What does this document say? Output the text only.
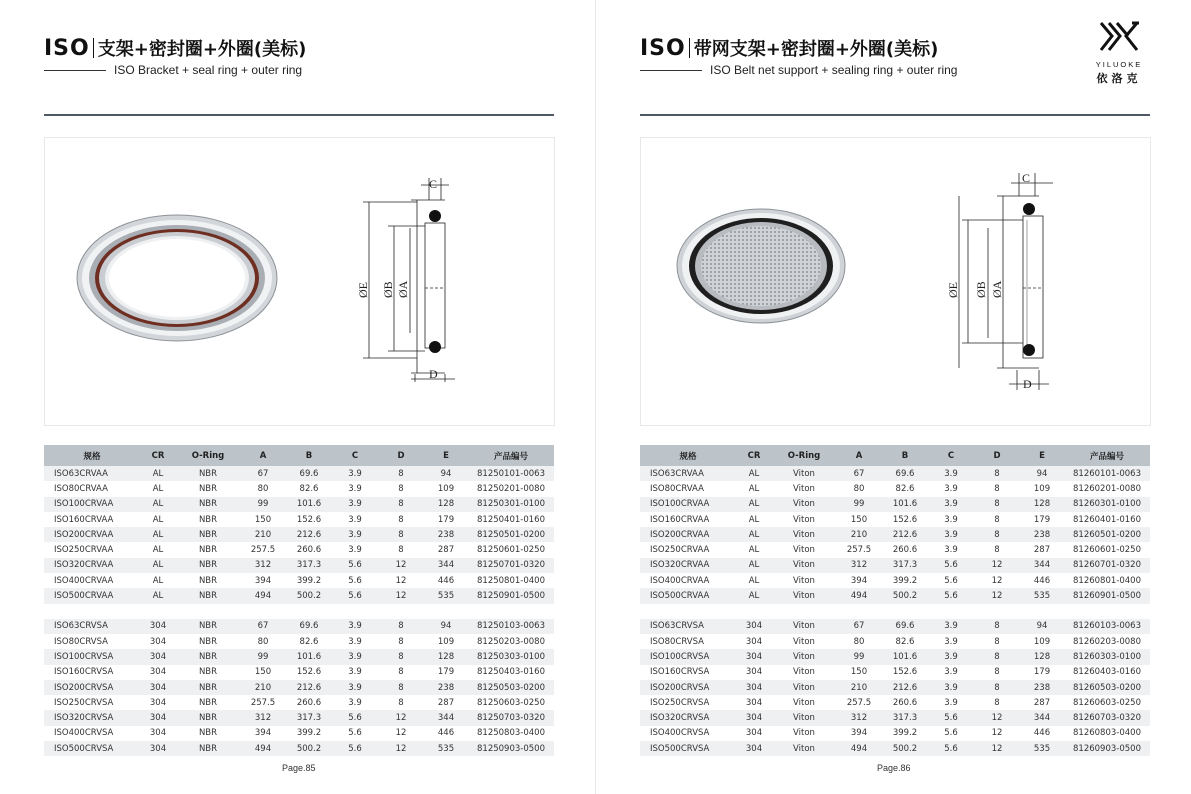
ISO 支架+密封圈+外圈(美标)
ISO Bracket + seal ring + outer ring
C
D
ØE ØB ØA
规格	CR	O-Ring	A	B	C	D	E	产品编号
ISO63CRVAA	AL	NBR	67	69.6	3.9	8	94	81250101-0063
ISO80CRVAA	AL	NBR	80	82.6	3.9	8	109	81250201-0080
ISO100CRVAA	AL	NBR	99	101.6	3.9	8	128	81250301-0100
ISO160CRVAA	AL	NBR	150	152.6	3.9	8	179	81250401-0160
ISO200CRVAA	AL	NBR	210	212.6	3.9	8	238	81250501-0200
ISO250CRVAA	AL	NBR	257.5	260.6	3.9	8	287	81250601-0250
ISO320CRVAA	AL	NBR	312	317.3	5.6	12	344	81250701-0320
ISO400CRVAA	AL	NBR	394	399.2	5.6	12	446	81250801-0400
ISO500CRVAA	AL	NBR	494	500.2	5.6	12	535	81250901-0500

ISO63CRVSA	304	NBR	67	69.6	3.9	8	94	81250103-0063
ISO80CRVSA	304	NBR	80	82.6	3.9	8	109	81250203-0080
ISO100CRVSA	304	NBR	99	101.6	3.9	8	128	81250303-0100
ISO160CRVSA	304	NBR	150	152.6	3.9	8	179	81250403-0160
ISO200CRVSA	304	NBR	210	212.6	3.9	8	238	81250503-0200
ISO250CRVSA	304	NBR	257.5	260.6	3.9	8	287	81250603-0250
ISO320CRVSA	304	NBR	312	317.3	5.6	12	344	81250703-0320
ISO400CRVSA	304	NBR	394	399.2	5.6	12	446	81250803-0400
ISO500CRVSA	304	NBR	494	500.2	5.6	12	535	81250903-0500
Page.85
ISO 带网支架+密封圈+外圈(美标)
ISO Belt net support + sealing ring + outer ring
C
D
ØE ØB ØA
规格	CR	O-Ring	A	B	C	D	E	产品编号
ISO63CRVAA	AL	Viton	67	69.6	3.9	8	94	81260101-0063
ISO80CRVAA	AL	Viton	80	82.6	3.9	8	109	81260201-0080
ISO100CRVAA	AL	Viton	99	101.6	3.9	8	128	81260301-0100
ISO160CRVAA	AL	Viton	150	152.6	3.9	8	179	81260401-0160
ISO200CRVAA	AL	Viton	210	212.6	3.9	8	238	81260501-0200
ISO250CRVAA	AL	Viton	257.5	260.6	3.9	8	287	81260601-0250
ISO320CRVAA	AL	Viton	312	317.3	5.6	12	344	81260701-0320
ISO400CRVAA	AL	Viton	394	399.2	5.6	12	446	81260801-0400
ISO500CRVAA	AL	Viton	494	500.2	5.6	12	535	81260901-0500

ISO63CRVSA	304	Viton	67	69.6	3.9	8	94	81260103-0063
ISO80CRVSA	304	Viton	80	82.6	3.9	8	109	81260203-0080
ISO100CRVSA	304	Viton	99	101.6	3.9	8	128	81260303-0100
ISO160CRVSA	304	Viton	150	152.6	3.9	8	179	81260403-0160
ISO200CRVSA	304	Viton	210	212.6	3.9	8	238	81260503-0200
ISO250CRVSA	304	Viton	257.5	260.6	3.9	8	287	81260603-0250
ISO320CRVSA	304	Viton	312	317.3	5.6	12	344	81260703-0320
ISO400CRVSA	304	Viton	394	399.2	5.6	12	446	81260803-0400
ISO500CRVSA	304	Viton	494	500.2	5.6	12	535	81260903-0500
Page.86
YILUOKE
依洛克
